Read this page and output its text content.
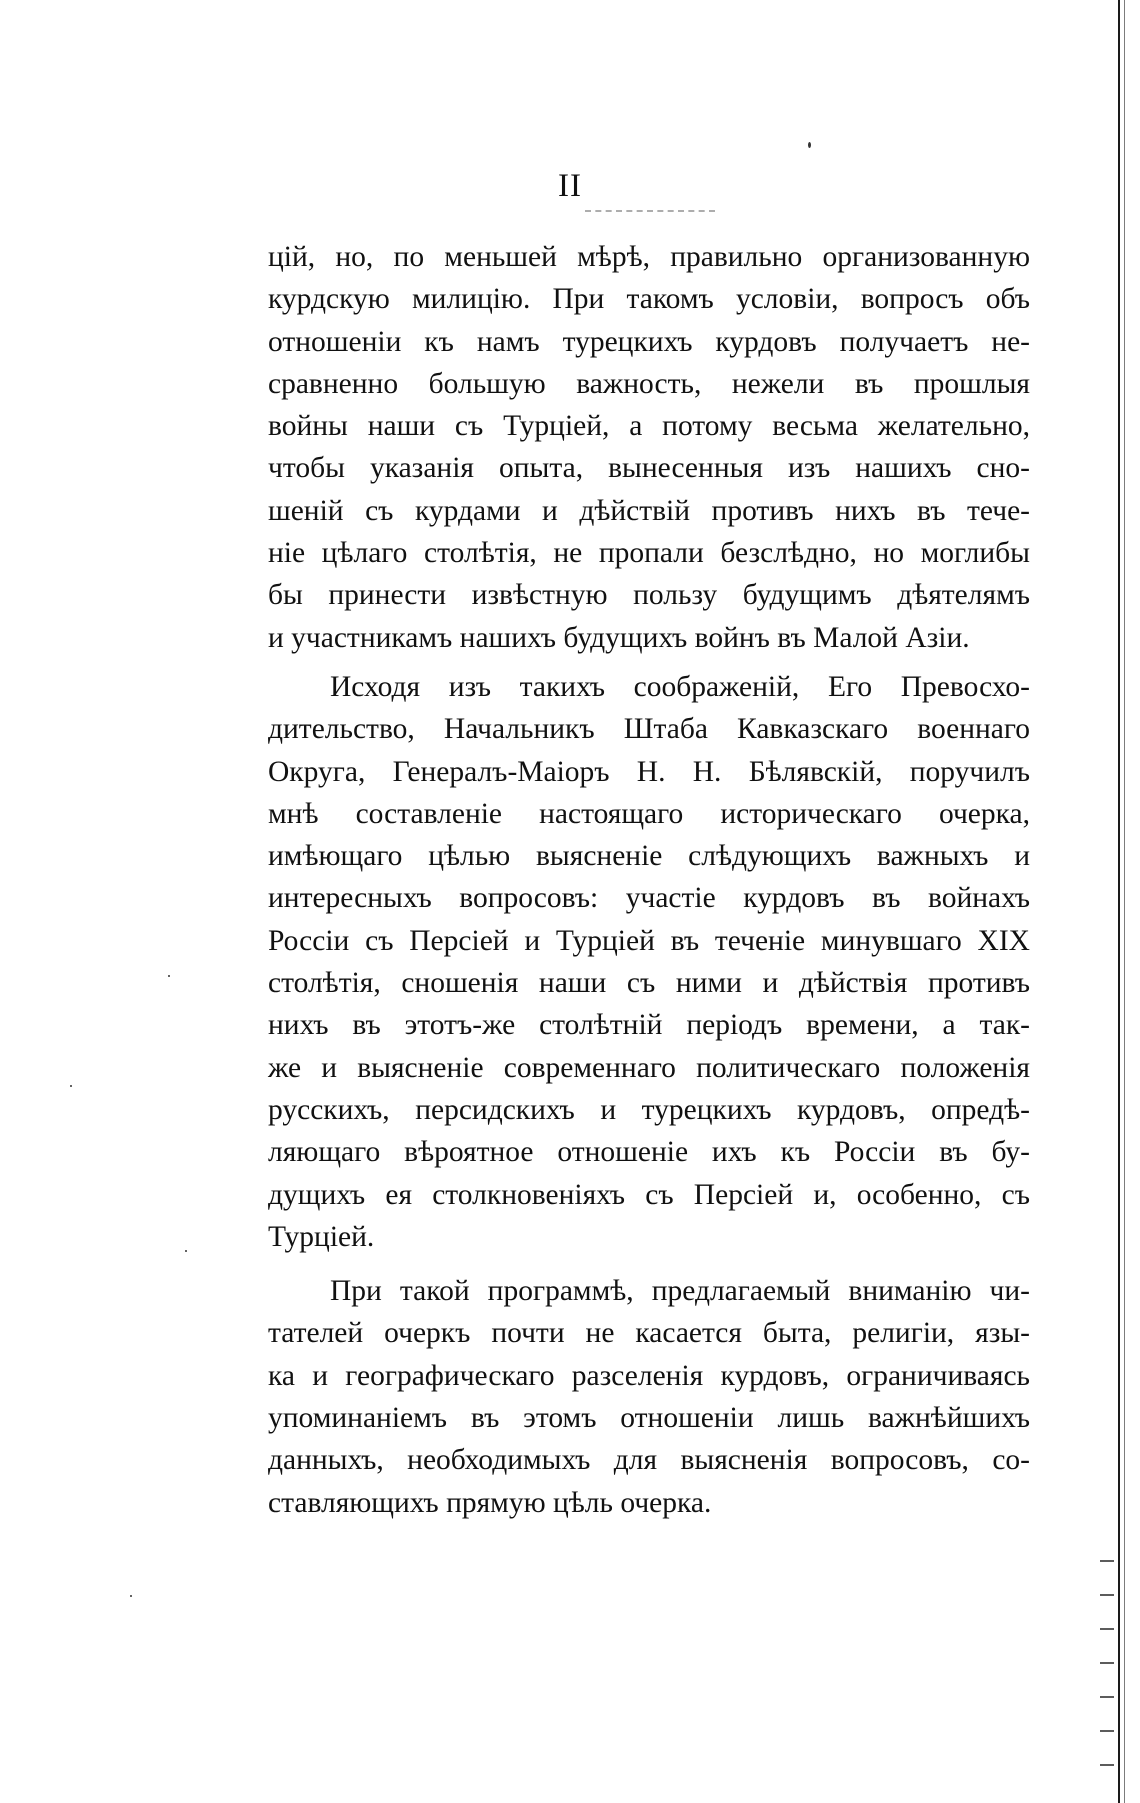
II
цій, но, по меньшей мѣрѣ, правильно организованную
курдскую милицію. При такомъ условіи, вопросъ объ
отношеніи къ намъ турецкихъ курдовъ получаетъ не-
сравненно большую важность, нежели въ прошлыя
войны наши съ Турціей, а потому весьма желательно,
чтобы указанія опыта, вынесенныя изъ нашихъ сно-
шеній съ курдами и дѣйствій противъ нихъ въ тече-
ніе цѣлаго столѣтія, не пропали безслѣдно, но моглибы
бы принести извѣстную пользу будущимъ дѣятелямъ
и участникамъ нашихъ будущихъ войнъ въ Малой Азіи.
Исходя изъ такихъ соображеній, Его Превосхо-
дительство, Начальникъ Штаба Кавказскаго военнаго
Округа, Генералъ-Маіоръ Н. Н. Бѣлявскій, поручилъ
мнѣ составленіе настоящаго историческаго очерка,
имѣющаго цѣлью выясненіе слѣдующихъ важныхъ и
интересныхъ вопросовъ: участіе курдовъ въ войнахъ
Россіи съ Персіей и Турціей въ теченіе минувшаго XIX
столѣтія, сношенія наши съ ними и дѣйствія противъ
нихъ въ этотъ-же столѣтній періодъ времени, а так-
же и выясненіе современнаго политическаго положенія
русскихъ, персидскихъ и турецкихъ курдовъ, опредѣ-
ляющаго вѣроятное отношеніе ихъ къ Россіи въ бу-
дущихъ ея столкновеніяхъ съ Персіей и, особенно, съ
Турціей.
При такой программѣ, предлагаемый вниманію чи-
тателей очеркъ почти не касается быта, религіи, язы-
ка и географическаго разселенія курдовъ, ограничиваясь
упоминаніемъ въ этомъ отношеніи лишь важнѣйшихъ
данныхъ, необходимыхъ для выясненія вопросовъ, со-
ставляющихъ прямую цѣль очерка.
